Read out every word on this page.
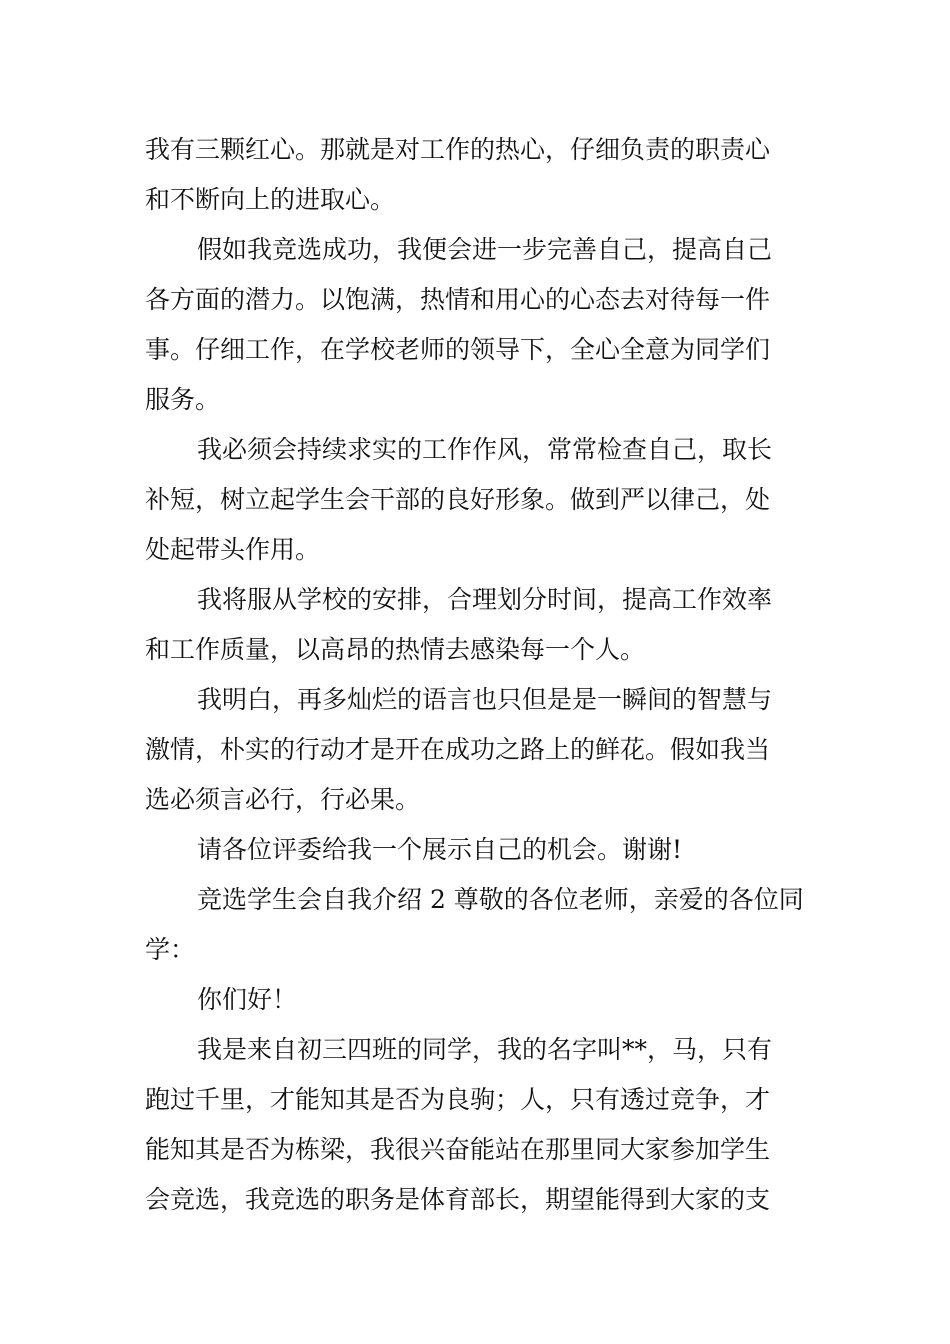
我有三颗红心。那就是对工作的热心，仔细负责的职责心
和不断向上的进取心。
假如我竞选成功，我便会进一步完善自己，提高自己
各方面的潜力。以饱满，热情和用心的心态去对待每一件
事。仔细工作，在学校老师的领导下，全心全意为同学们
服务。
我必须会持续求实的工作作风，常常检查自己，取长
补短，树立起学生会干部的良好形象。做到严以律己，处
处起带头作用。
我将服从学校的安排，合理划分时间，提高工作效率
和工作质量，以高昂的热情去感染每一个人。
我明白，再多灿烂的语言也只但是是一瞬间的智慧与
激情，朴实的行动才是开在成功之路上的鲜花。假如我当
选必须言必行，行必果。
请各位评委给我一个展示自己的机会。谢谢!
竞选学生会自我介绍 2 尊敬的各位老师，亲爱的各位同
学：
你们好！
我是来自初三四班的同学，我的名字叫**，马，只有
跑过千里，才能知其是否为良驹；人，只有透过竞争，才
能知其是否为栋梁，我很兴奋能站在那里同大家参加学生
会竞选，我竞选的职务是体育部长，期望能得到大家的支
